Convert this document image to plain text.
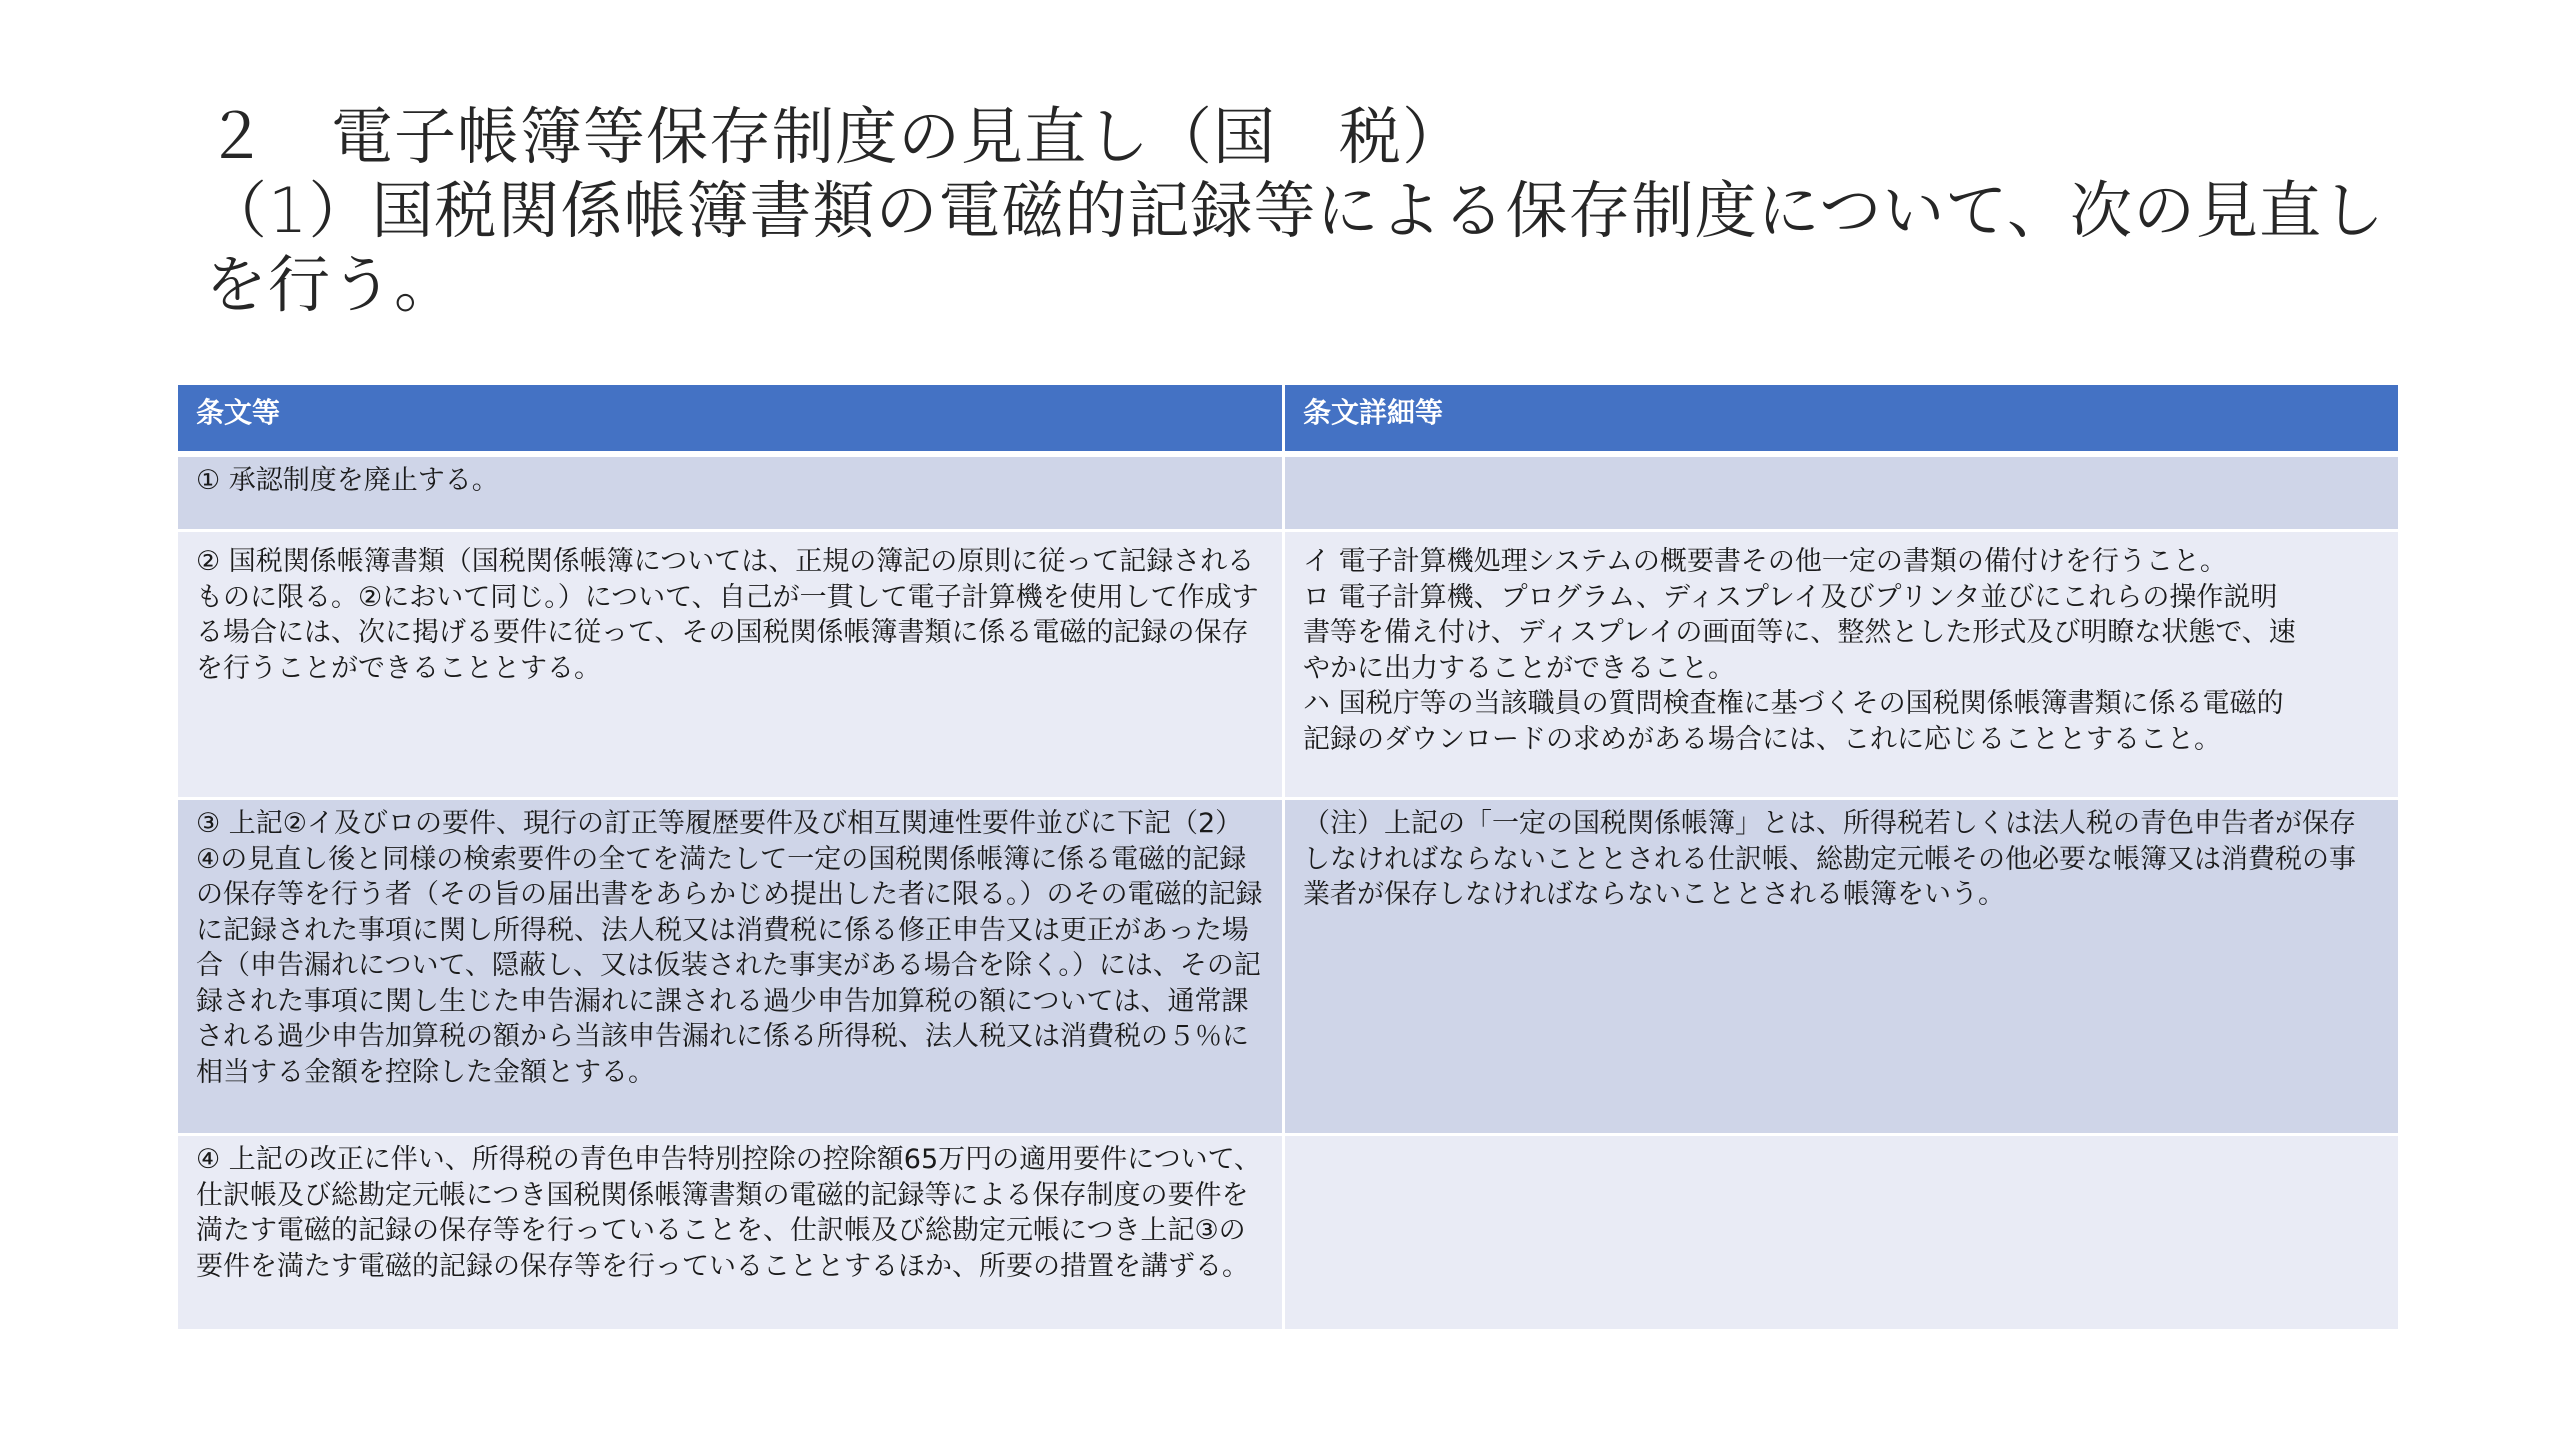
２　電子帳簿等保存制度の見直し（国　税）
（1）国税関係帳簿書類の電磁的記録等による保存制度について、次の見直しを行う。
条文等	条文詳細等

① 承認制度を廃止する。	

② 国税関係帳簿書類（国税関係帳簿については、正規の簿記の原則に従って記録されるものに限る。②において同じ。）について、自己が一貫して電子計算機を使用して作成する場合には、次に掲げる要件に従って、その国税関係帳簿書類に係る電磁的記録の保存を行うことができることとする。	イ 電子計算機処理システムの概要書その他一定の書類の備付けを行うこと。
ロ 電子計算機、プログラム、ディスプレイ及びプリンタ並びにこれらの操作説明書等を備え付け、ディスプレイの画面等に、整然とした形式及び明瞭な状態で、速やかに出力することができること。
ハ 国税庁等の当該職員の質問検査権に基づくその国税関係帳簿書類に係る電磁的記録のダウンロードの求めがある場合には、これに応じることとすること。

③ 上記②イ及びロの要件、現行の訂正等履歴要件及び相互関連性要件並びに下記（2）④の見直し後と同様の検索要件の全てを満たして一定の国税関係帳簿に係る電磁的記録の保存等を行う者（その旨の届出書をあらかじめ提出した者に限る。）のその電磁的記録に記録された事項に関し所得税、法人税又は消費税に係る修正申告又は更正があった場合（申告漏れについて、隠蔽し、又は仮装された事実がある場合を除く。）には、その記録された事項に関し生じた申告漏れに課される過少申告加算税の額については、通常課される過少申告加算税の額から当該申告漏れに係る所得税、法人税又は消費税の５％に相当する金額を控除した金額とする。	（注）上記の「一定の国税関係帳簿」とは、所得税若しくは法人税の青色申告者が保存しなければならないこととされる仕訳帳、総勘定元帳その他必要な帳簿又は消費税の事業者が保存しなければならないこととされる帳簿をいう。

④ 上記の改正に伴い、所得税の青色申告特別控除の控除額65万円の適用要件について、仕訳帳及び総勘定元帳につき国税関係帳簿書類の電磁的記録等による保存制度の要件を満たす電磁的記録の保存等を行っていることを、仕訳帳及び総勘定元帳につき上記③の要件を満たす電磁的記録の保存等を行っていることとするほか、所要の措置を講ずる。	
